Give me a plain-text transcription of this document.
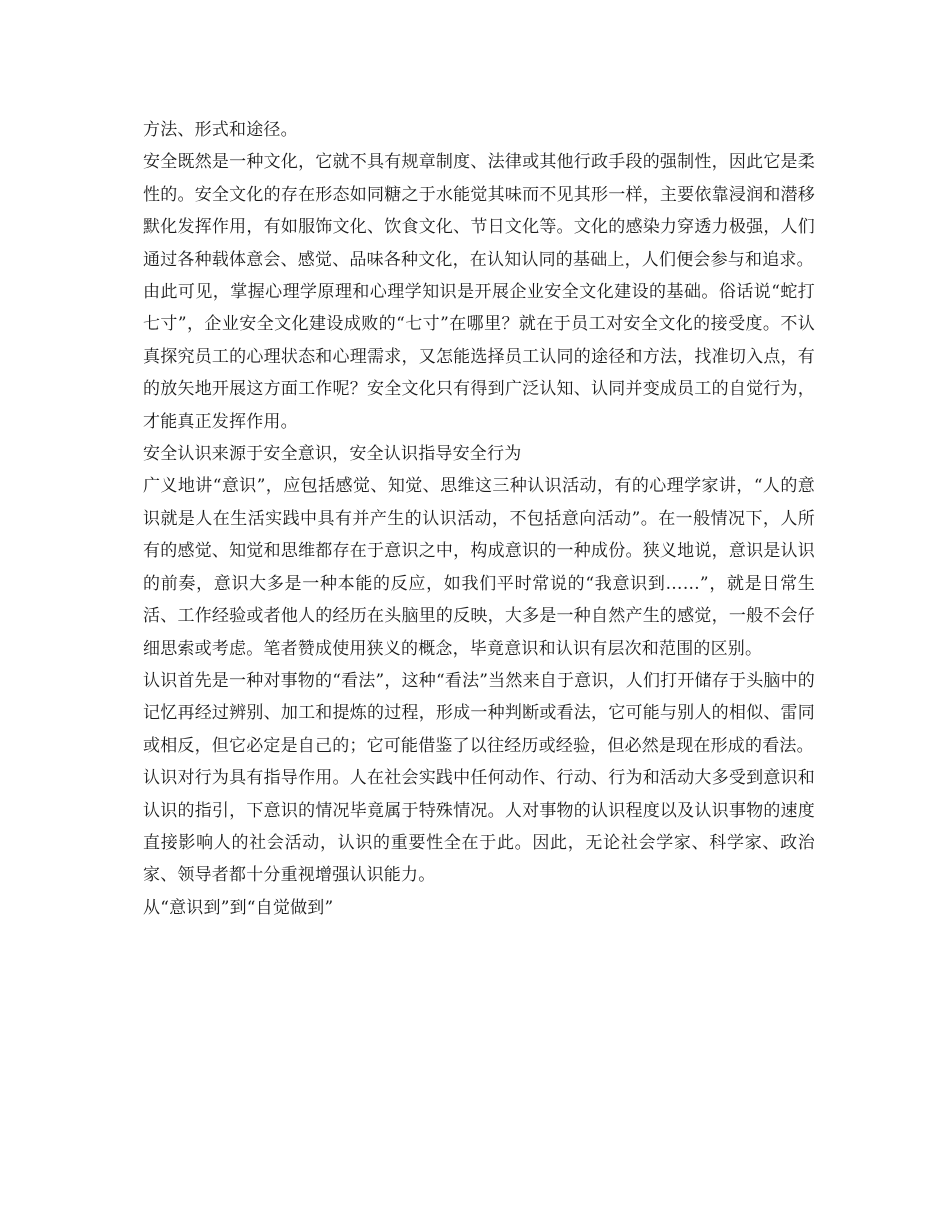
方法、形式和途径。

安全既然是一种文化，它就不具有规章制度、法律或其他行政手段的强制性，因此它是柔性的。安全文化的存在形态如同糖之于水能觉其味而不见其形一样，主要依靠浸润和潜移默化发挥作用，有如服饰文化、饮食文化、节日文化等。文化的感染力穿透力极强，人们通过各种载体意会、感觉、品味各种文化，在认知认同的基础上，人们便会参与和追求。

由此可见，掌握心理学原理和心理学知识是开展企业安全文化建设的基础。俗话说“蛇打七寸”，企业安全文化建设成败的“七寸”在哪里？就在于员工对安全文化的接受度。不认真探究员工的心理状态和心理需求，又怎能选择员工认同的途径和方法，找准切入点，有的放矢地开展这方面工作呢？安全文化只有得到广泛认知、认同并变成员工的自觉行为，才能真正发挥作用。

安全认识来源于安全意识，安全认识指导安全行为

广义地讲“意识”，应包括感觉、知觉、思维这三种认识活动，有的心理学家讲，“人的意识就是人在生活实践中具有并产生的认识活动，不包括意向活动”。在一般情况下，人所有的感觉、知觉和思维都存在于意识之中，构成意识的一种成份。狭义地说，意识是认识的前奏，意识大多是一种本能的反应，如我们平时常说的“我意识到……”，就是日常生活、工作经验或者他人的经历在头脑里的反映，大多是一种自然产生的感觉，一般不会仔细思索或考虑。笔者赞成使用狭义的概念，毕竟意识和认识有层次和范围的区别。

认识首先是一种对事物的“看法”，这种“看法”当然来自于意识，人们打开储存于头脑中的记忆再经过辨别、加工和提炼的过程，形成一种判断或看法，它可能与别人的相似、雷同或相反，但它必定是自己的；它可能借鉴了以往经历或经验，但必然是现在形成的看法。

认识对行为具有指导作用。人在社会实践中任何动作、行动、行为和活动大多受到意识和认识的指引，下意识的情况毕竟属于特殊情况。人对事物的认识程度以及认识事物的速度直接影响人的社会活动，认识的重要性全在于此。因此，无论社会学家、科学家、政治家、领导者都十分重视增强认识能力。

从“意识到”到“自觉做到”
